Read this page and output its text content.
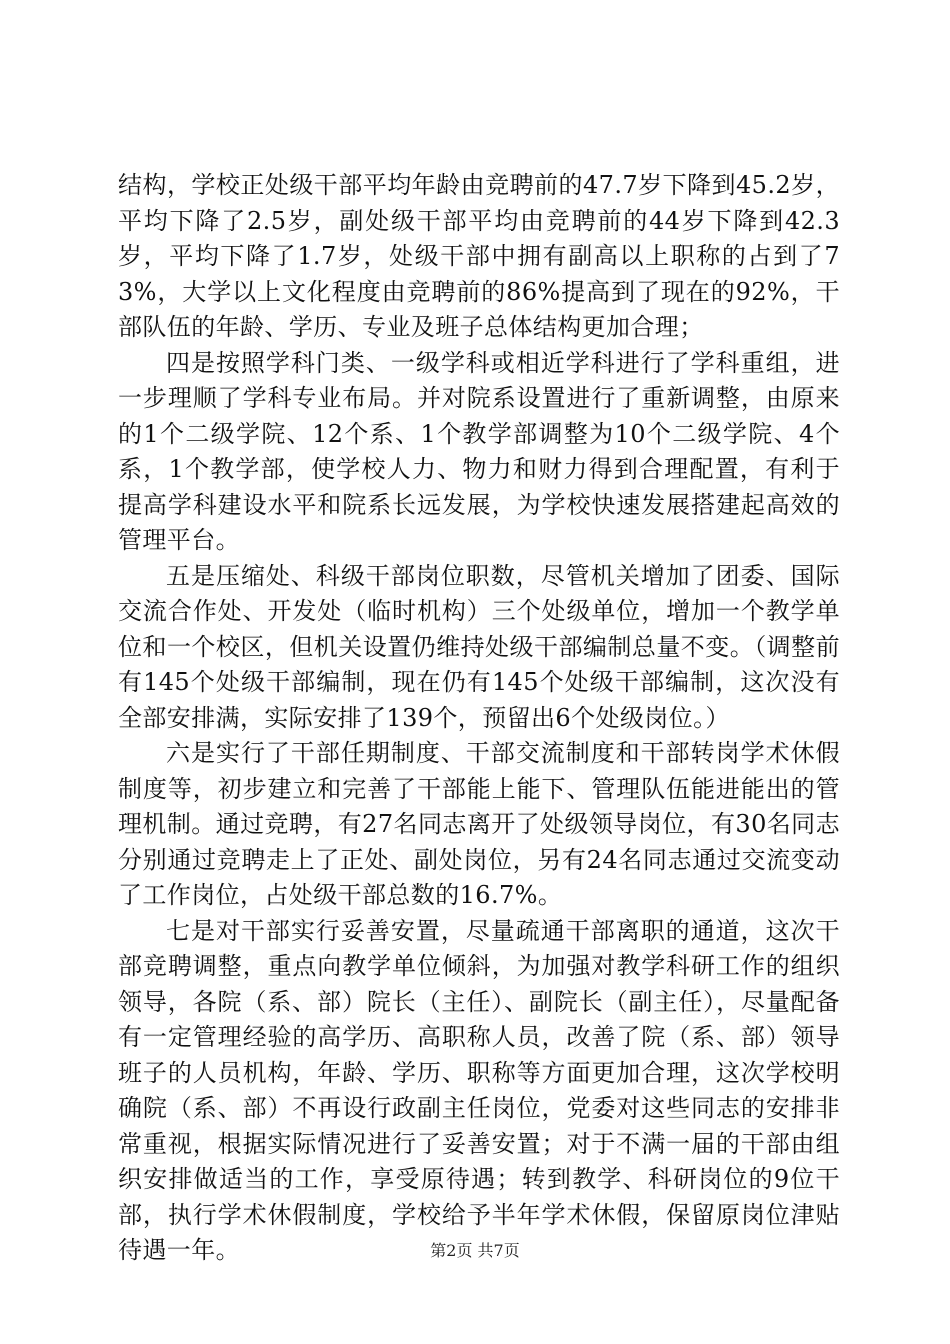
结构，学校正处级干部平均年龄由竞聘前的47.7岁下降到45.2岁，平均下降了2.5岁，副处级干部平均由竞聘前的44岁下降到42.3岁，平均下降了1.7岁，处级干部中拥有副高以上职称的占到了73%，大学以上文化程度由竞聘前的86%提高到了现在的92%，干部队伍的年龄、学历、专业及班子总体结构更加合理；

四是按照学科门类、一级学科或相近学科进行了学科重组，进一步理顺了学科专业布局。并对院系设置进行了重新调整，由原来的1个二级学院、12个系、1个教学部调整为10个二级学院、4个系，1个教学部，使学校人力、物力和财力得到合理配置，有利于提高学科建设水平和院系长远发展，为学校快速发展搭建起高效的管理平台。

五是压缩处、科级干部岗位职数，尽管机关增加了团委、国际交流合作处、开发处（临时机构）三个处级单位，增加一个教学单位和一个校区，但机关设置仍维持处级干部编制总量不变。（调整前有145个处级干部编制，现在仍有145个处级干部编制，这次没有全部安排满，实际安排了139个，预留出6个处级岗位。）

六是实行了干部任期制度、干部交流制度和干部转岗学术休假制度等，初步建立和完善了干部能上能下、管理队伍能进能出的管理机制。通过竞聘，有27名同志离开了处级领导岗位，有30名同志分别通过竞聘走上了正处、副处岗位，另有24名同志通过交流变动了工作岗位，占处级干部总数的16.7%。

七是对干部实行妥善安置，尽量疏通干部离职的通道，这次干部竞聘调整，重点向教学单位倾斜，为加强对教学科研工作的组织领导，各院（系、部）院长（主任）、副院长（副主任），尽量配备有一定管理经验的高学历、高职称人员，改善了院（系、部）领导班子的人员机构，年龄、学历、职称等方面更加合理，这次学校明确院（系、部）不再设行政副主任岗位，党委对这些同志的安排非常重视，根据实际情况进行了妥善安置；对于不满一届的干部由组织安排做适当的工作，享受原待遇；转到教学、科研岗位的9位干部，执行学术休假制度，学校给予半年学术休假，保留原岗位津贴待遇一年。	第2页 共7页
